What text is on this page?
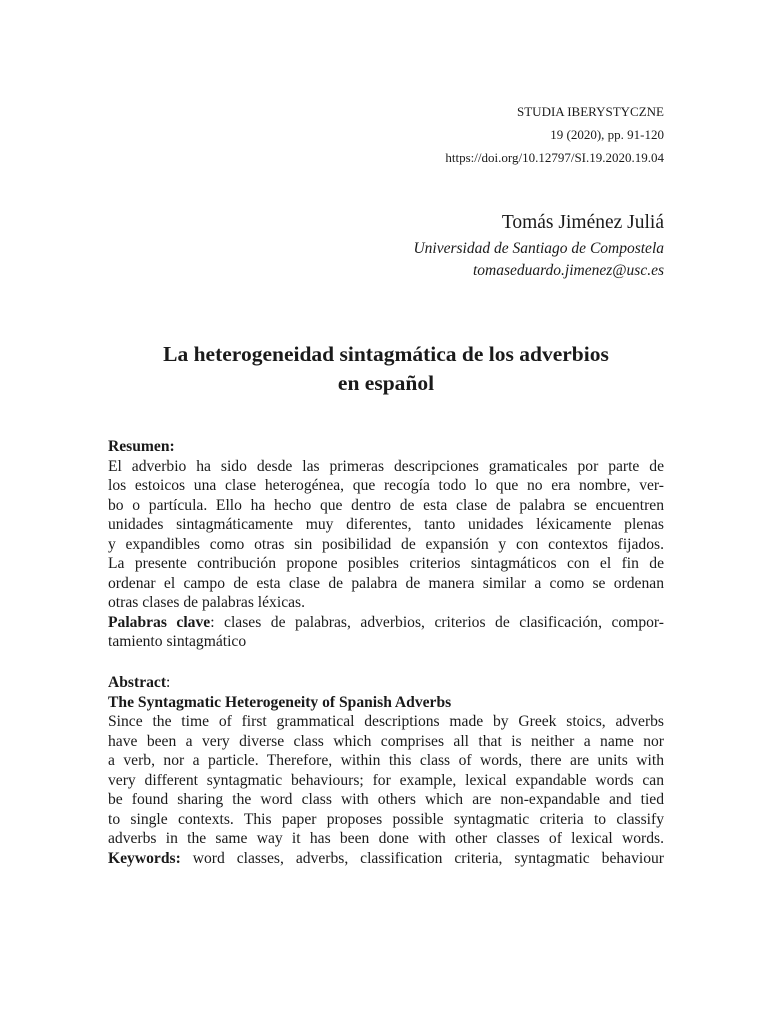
STUDIA IBERYSTYCZNE
19 (2020), pp. 91-120
https://doi.org/10.12797/SI.19.2020.19.04
Tomás Jiménez Juliá
Universidad de Santiago de Compostela
tomaseduardo.jimenez@usc.es
La heterogeneidad sintagmática de los adverbios
en español
Resumen:
El adverbio ha sido desde las primeras descripciones gramaticales por parte de
los estoicos una clase heterogénea, que recogía todo lo que no era nombre, ver-
bo o partícula. Ello ha hecho que dentro de esta clase de palabra se encuentren
unidades sintagmáticamente muy diferentes, tanto unidades léxicamente plenas
y expandibles como otras sin posibilidad de expansión y con contextos fijados.
La presente contribución propone posibles criterios sintagmáticos con el fin de
ordenar el campo de esta clase de palabra de manera similar a como se ordenan
otras clases de palabras léxicas.
Palabras clave: clases de palabras, adverbios, criterios de clasificación, compor-
tamiento sintagmático
Abstract:
The Syntagmatic Heterogeneity of Spanish Adverbs
Since the time of first grammatical descriptions made by Greek stoics, adverbs
have been a very diverse class which comprises all that is neither a name nor
a verb, nor a particle. Therefore, within this class of words, there are units with
very different syntagmatic behaviours; for example, lexical expandable words can
be found sharing the word class with others which are non-expandable and tied
to single contexts. This paper proposes possible syntagmatic criteria to classify
adverbs in the same way it has been done with other classes of lexical words.
Keywords: word classes, adverbs, classification criteria, syntagmatic behaviour
